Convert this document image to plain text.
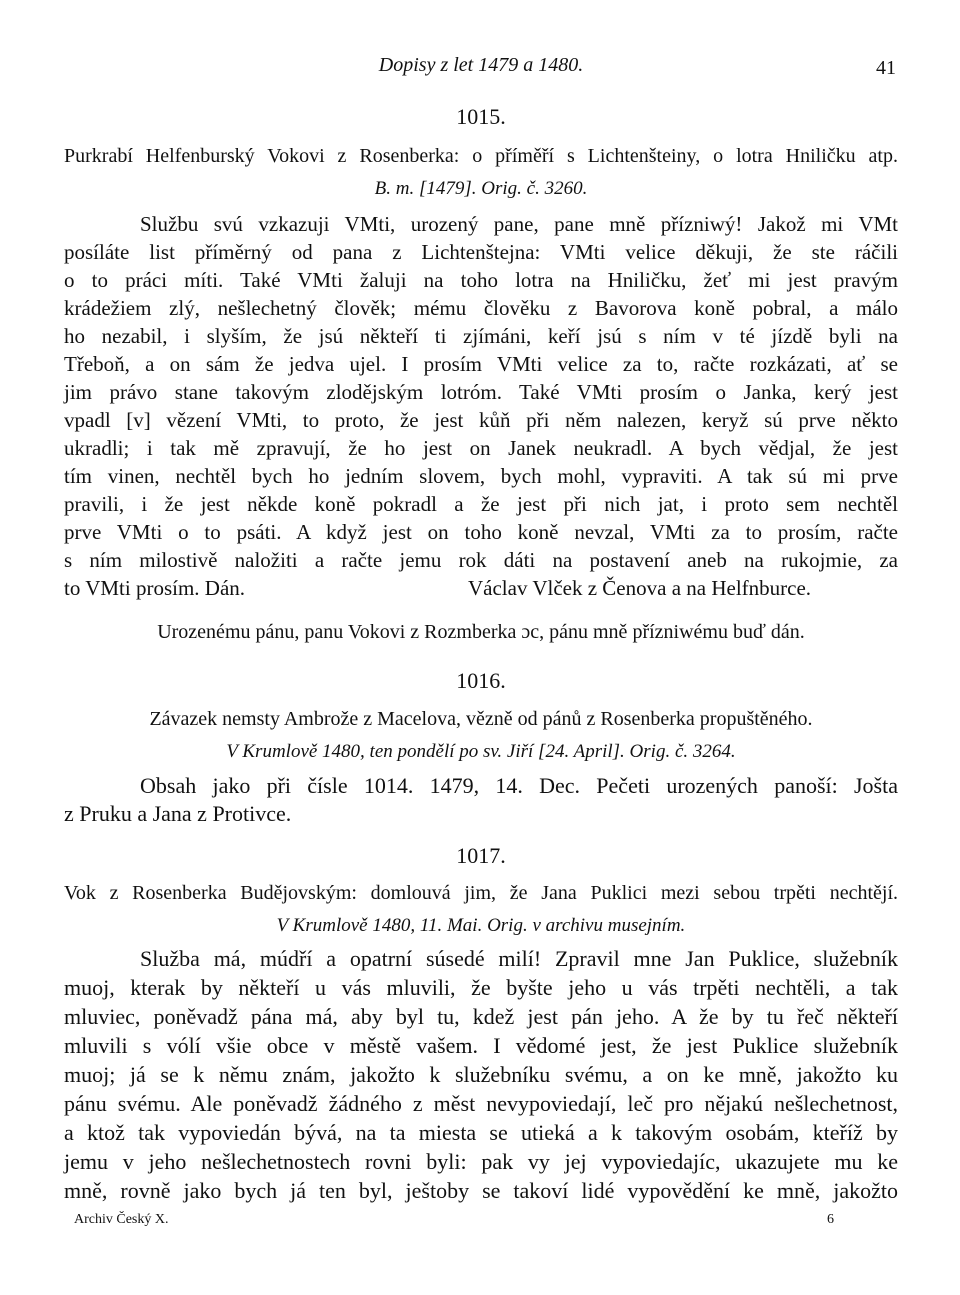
Dopisy z let 1479 a 1480.	41
1015.
Purkrabí Helfenburský Vokovi z Rosenberka: o příměří s Lichtenšteiny, o lotra Hniličku atp.
B. m. [1479]. Orig. č. 3260.
Službu svú vzkazuji VMti, urozený pane, pane mně přízniwý! Jakož mi VMt
posíláte list příměrný od pana z Lichtenštejna: VMti velice děkuji, že ste ráčili
o to práci míti. Také VMti žaluji na toho lotra na Hniličku, žeť mi jest pravým
krádežiem zlý, nešlechetný člověk; mému člověku z Bavorova koně pobral, a málo
ho nezabil, i slyším, že jsú někteří ti zjímáni, keří jsú s ním v té jízdě byli na
Třeboň, a on sám že jedva ujel. I prosím VMti velice za to, račte rozkázati, ať se
jim právo stane takovým zlodějským lotróm. Také VMti prosím o Janka, kerý jest
vpadl [v] vězení VMti, to proto, že jest kůň při něm nalezen, keryž sú prve někto
ukradli; i tak mě zpravují, že ho jest on Janek neukradl. A bych vědjal, že jest
tím vinen, nechtěl bych ho jedním slovem, bych mohl, vypraviti. A tak sú mi prve
pravili, i že jest někde koně pokradl a že jest při nich jat, i proto sem nechtěl
prve VMti o to psáti. A když jest on toho koně nevzal, VMti za to prosím, račte
s ním milostivě naložiti a račte jemu rok dáti na postavení aneb na rukojmie, za
to VMti prosím. Dán.	Václav Vlček z Čenova a na Helfnburce.
Urozenému pánu, panu Vokovi z Rozmberka ɔc, pánu mně přízniwému buď dán.
1016.
Závazek nemsty Ambrože z Macelova, vězně od pánů z Rosenberka propuštěného.
V Krumlově 1480, ten pondělí po sv. Jiří [24. April]. Orig. č. 3264.
Obsah jako při čísle 1014. 1479, 14. Dec. Pečeti urozených panoší: Jošta
z Pruku a Jana z Protivce.
1017.
Vok z Rosenberka Budějovským: domlouvá jim, že Jana Puklici mezi sebou trpěti nechtějí.
V Krumlově 1480, 11. Mai. Orig. v archivu musejním.
Služba má, múdří a opatrní súsedé milí! Zpravil mne Jan Puklice, služebník
muoj, kterak by někteří u vás mluvili, že byšte jeho u vás trpěti nechtěli, a tak
mluviec, poněvadž pána má, aby byl tu, kdež jest pán jeho. A že by tu řeč někteří
mluvili s vólí všie obce v městě vašem. I vědomé jest, že jest Puklice služebník
muoj; já se k němu znám, jakožto k služebníku svému, a on ke mně, jakožto ku
pánu svému. Ale poněvadž žádného z měst nevypoviedají, leč pro nějakú nešlechetnost,
a ktož tak vypoviedán bývá, na ta miesta se utieká a k takovým osobám, kteříž by
jemu v jeho nešlechetnostech rovni byli: pak vy jej vypoviedajíc, ukazujete mu ke
mně, rovně jako bych já ten byl, ještoby se takoví lidé vypovědění ke mně, jakožto
Archiv Český X.	6
